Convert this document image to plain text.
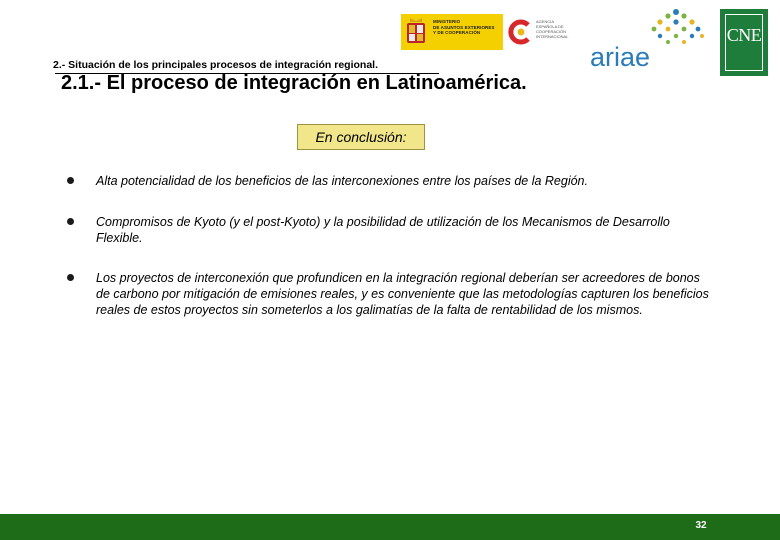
MINISTERIO
DE ASUNTOS EXTERIORES
Y DE COOPERACIÓN
AGENCIA
ESPAÑOLA DE
COOPERACIÓN
INTERNACIONAL
ariae
CNE
2.- Situación de los principales procesos de integración regional.
2.1.- El proceso de integración en Latinoamérica.
En conclusión:
Alta potencialidad de los beneficios de las interconexiones entre los países de la Región.
Compromisos de Kyoto (y el post-Kyoto) y la posibilidad de utilización de los Mecanismos de Desarrollo Flexible.
Los proyectos de interconexión que profundicen en la integración regional deberían ser acreedores de bonos de carbono por mitigación de emisiones reales, y es conveniente que las metodologías capturen los beneficios reales de estos proyectos sin someterlos a los galimatías de la falta de rentabilidad de los mismos.
32
